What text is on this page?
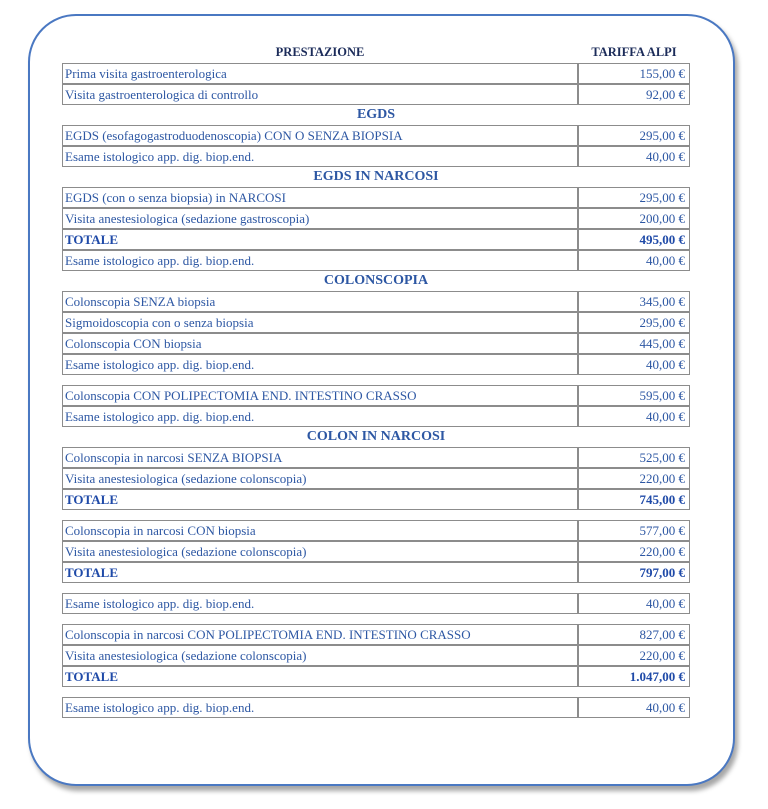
PRESTAZIONE	TARIFFA ALPI
Prima visita gastroenterologica	155,00 €
Visita gastroenterologica di controllo	92,00 €
EGDS
EGDS (esofagogastroduodenoscopia) CON O SENZA BIOPSIA	295,00 €
Esame istologico app. dig. biop.end.	40,00 €
EGDS IN NARCOSI
EGDS (con o senza biopsia) in NARCOSI	295,00 €
Visita anestesiologica (sedazione gastroscopia)	200,00 €
TOTALE	495,00 €
Esame istologico app. dig. biop.end.	40,00 €
COLONSCOPIA
Colonscopia SENZA biopsia	345,00 €
Sigmoidoscopia con o senza biopsia	295,00 €
Colonscopia CON biopsia	445,00 €
Esame istologico app. dig. biop.end.	40,00 €
Colonscopia CON POLIPECTOMIA END. INTESTINO CRASSO	595,00 €
Esame istologico app. dig. biop.end.	40,00 €
COLON IN NARCOSI
Colonscopia in narcosi SENZA BIOPSIA	525,00 €
Visita anestesiologica (sedazione colonscopia)	220,00 €
TOTALE	745,00 €
Colonscopia in narcosi CON biopsia	577,00 €
Visita anestesiologica (sedazione colonscopia)	220,00 €
TOTALE	797,00 €
Esame istologico app. dig. biop.end.	40,00 €
Colonscopia in narcosi CON POLIPECTOMIA END. INTESTINO CRASSO	827,00 €
Visita anestesiologica (sedazione colonscopia)	220,00 €
TOTALE	1.047,00 €
Esame istologico app. dig. biop.end.	40,00 €
